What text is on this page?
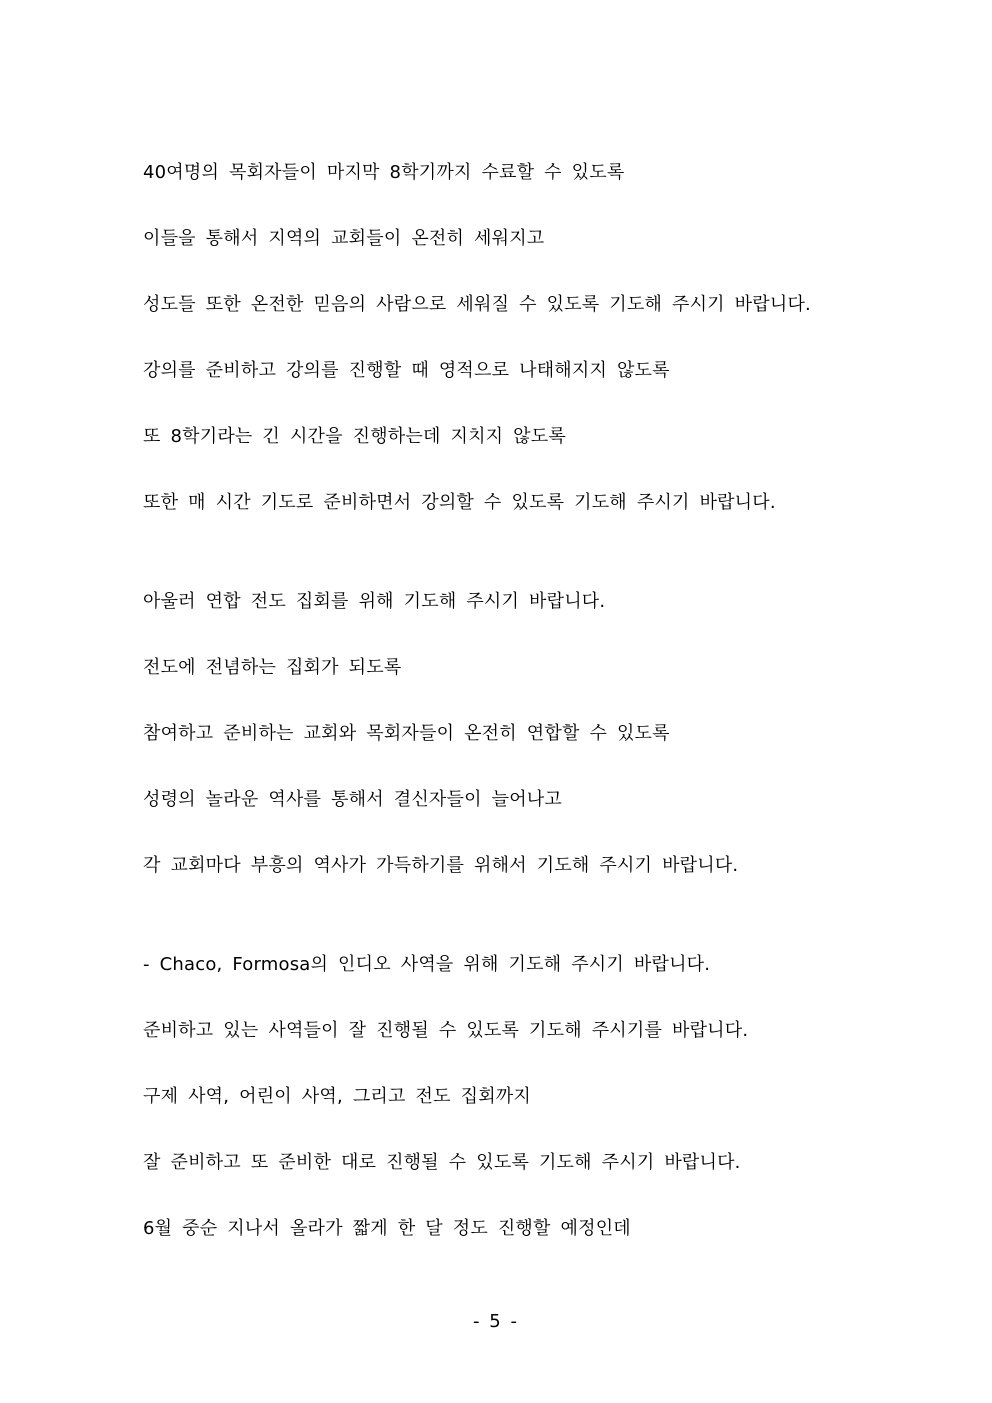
40여명의 목회자들이 마지막 8학기까지 수료할 수 있도록
이들을 통해서 지역의 교회들이 온전히 세워지고
성도들 또한 온전한 믿음의 사람으로 세워질 수 있도록 기도해 주시기 바랍니다.
강의를 준비하고 강의를 진행할 때 영적으로 나태해지지 않도록
또 8학기라는 긴 시간을 진행하는데 지치지 않도록
또한 매 시간 기도로 준비하면서 강의할 수 있도록 기도해 주시기 바랍니다.
아울러 연합 전도 집회를 위해 기도해 주시기 바랍니다.
전도에 전념하는 집회가 되도록
참여하고 준비하는 교회와 목회자들이 온전히 연합할 수 있도록
성령의 놀라운 역사를 통해서 결신자들이 늘어나고
각 교회마다 부흥의 역사가 가득하기를 위해서 기도해 주시기 바랍니다.
- Chaco, Formosa의 인디오 사역을 위해 기도해 주시기 바랍니다.
준비하고 있는 사역들이 잘 진행될 수 있도록 기도해 주시기를 바랍니다.
구제 사역, 어린이 사역, 그리고 전도 집회까지
잘 준비하고 또 준비한 대로 진행될 수 있도록 기도해 주시기 바랍니다.
6월 중순 지나서 올라가 짧게 한 달 정도 진행할 예정인데
- 5 -
